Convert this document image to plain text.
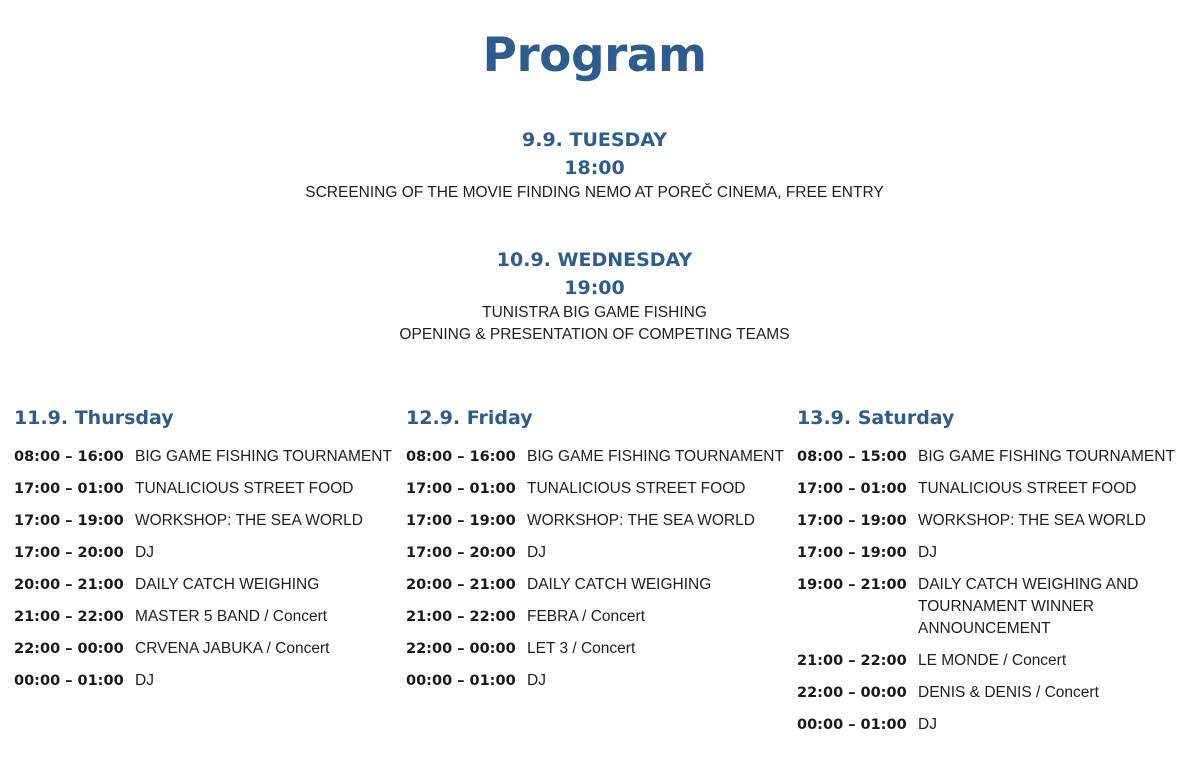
Program
9.9. TUESDAY
18:00
SCREENING OF THE MOVIE FINDING NEMO AT POREČ CINEMA, FREE ENTRY
10.9. WEDNESDAY
19:00
TUNISTRA BIG GAME FISHING
OPENING & PRESENTATION OF COMPETING TEAMS
11.9. Thursday
08:00 – 16:00 BIG GAME FISHING TOURNAMENT
17:00 – 01:00 TUNALICIOUS STREET FOOD
17:00 – 19:00 WORKSHOP: THE SEA WORLD
17:00 – 20:00 DJ
20:00 – 21:00 DAILY CATCH WEIGHING
21:00 – 22:00 MASTER 5 BAND / Concert
22:00 – 00:00 CRVENA JABUKA / Concert
00:00 – 01:00 DJ
12.9. Friday
08:00 – 16:00 BIG GAME FISHING TOURNAMENT
17:00 – 01:00 TUNALICIOUS STREET FOOD
17:00 – 19:00 WORKSHOP: THE SEA WORLD
17:00 – 20:00 DJ
20:00 – 21:00 DAILY CATCH WEIGHING
21:00 – 22:00 FEBRA / Concert
22:00 – 00:00 LET 3 / Concert
00:00 – 01:00 DJ
13.9. Saturday
08:00 – 15:00 BIG GAME FISHING TOURNAMENT
17:00 – 01:00 TUNALICIOUS STREET FOOD
17:00 – 19:00 WORKSHOP: THE SEA WORLD
17:00 – 19:00 DJ
19:00 – 21:00 DAILY CATCH WEIGHING AND TOURNAMENT WINNER ANNOUNCEMENT
21:00 – 22:00 LE MONDE / Concert
22:00 – 00:00 DENIS & DENIS / Concert
00:00 – 01:00 DJ
